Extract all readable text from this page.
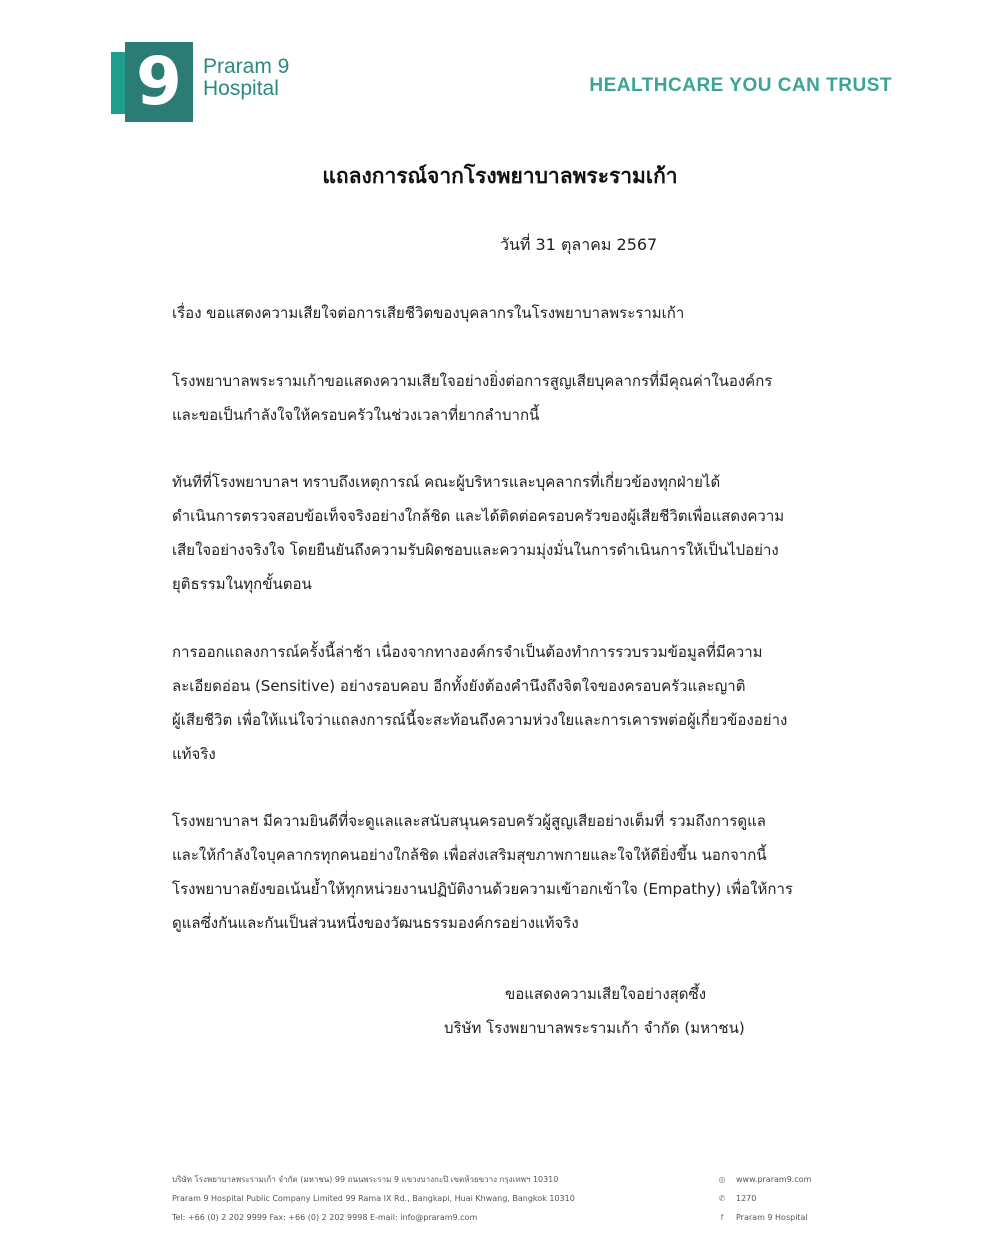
9	Praram 9
Hospital	HEALTHCARE YOU CAN TRUST
แถลงการณ์จากโรงพยาบาลพระรามเก้า
วันที่ 31 ตุลาคม 2567
เรื่อง ขอแสดงความเสียใจต่อการเสียชีวิตของบุคลากรในโรงพยาบาลพระรามเก้า

โรงพยาบาลพระรามเก้าขอแสดงความเสียใจอย่างยิ่งต่อการสูญเสียบุคลากรที่มีคุณค่าในองค์กร
และขอเป็นกำลังใจให้ครอบครัวในช่วงเวลาที่ยากลำบากนี้

ทันทีที่โรงพยาบาลฯ ทราบถึงเหตุการณ์ คณะผู้บริหารและบุคลากรที่เกี่ยวข้องทุกฝ่ายได้
ดำเนินการตรวจสอบข้อเท็จจริงอย่างใกล้ชิด และได้ติดต่อครอบครัวของผู้เสียชีวิตเพื่อแสดงความ
เสียใจอย่างจริงใจ โดยยืนยันถึงความรับผิดชอบและความมุ่งมั่นในการดำเนินการให้เป็นไปอย่าง
ยุติธรรมในทุกขั้นตอน

การออกแถลงการณ์ครั้งนี้ล่าช้า เนื่องจากทางองค์กรจำเป็นต้องทำการรวบรวมข้อมูลที่มีความ
ละเอียดอ่อน (Sensitive) อย่างรอบคอบ อีกทั้งยังต้องคำนึงถึงจิตใจของครอบครัวและญาติ
ผู้เสียชีวิต เพื่อให้แน่ใจว่าแถลงการณ์นี้จะสะท้อนถึงความห่วงใยและการเคารพต่อผู้เกี่ยวข้องอย่าง
แท้จริง

โรงพยาบาลฯ มีความยินดีที่จะดูแลและสนับสนุนครอบครัวผู้สูญเสียอย่างเต็มที่ รวมถึงการดูแล
และให้กำลังใจบุคลากรทุกคนอย่างใกล้ชิด เพื่อส่งเสริมสุขภาพกายและใจให้ดียิ่งขึ้น นอกจากนี้
โรงพยาบาลยังขอเน้นย้ำให้ทุกหน่วยงานปฏิบัติงานด้วยความเข้าอกเข้าใจ (Empathy) เพื่อให้การ
ดูแลซึ่งกันและกันเป็นส่วนหนึ่งของวัฒนธรรมองค์กรอย่างแท้จริง

ขอแสดงความเสียใจอย่างสุดซึ้ง
บริษัท โรงพยาบาลพระรามเก้า จำกัด (มหาชน)
บริษัท โรงพยาบาลพระรามเก้า จำกัด (มหาชน) 99 ถนนพระราม 9 แขวงบางกะปิ เขตห้วยขวาง กรุงเทพฯ 10310
Praram 9 Hospital Public Company Limited 99 Rama IX Rd., Bangkapi, Huai Khwang, Bangkok 10310
Tel: +66 (0) 2 202 9999 Fax: +66 (0) 2 202 9998 E-mail: info@praram9.com
◎ www.praram9.com
✆ 1270
f Praram 9 Hospital
